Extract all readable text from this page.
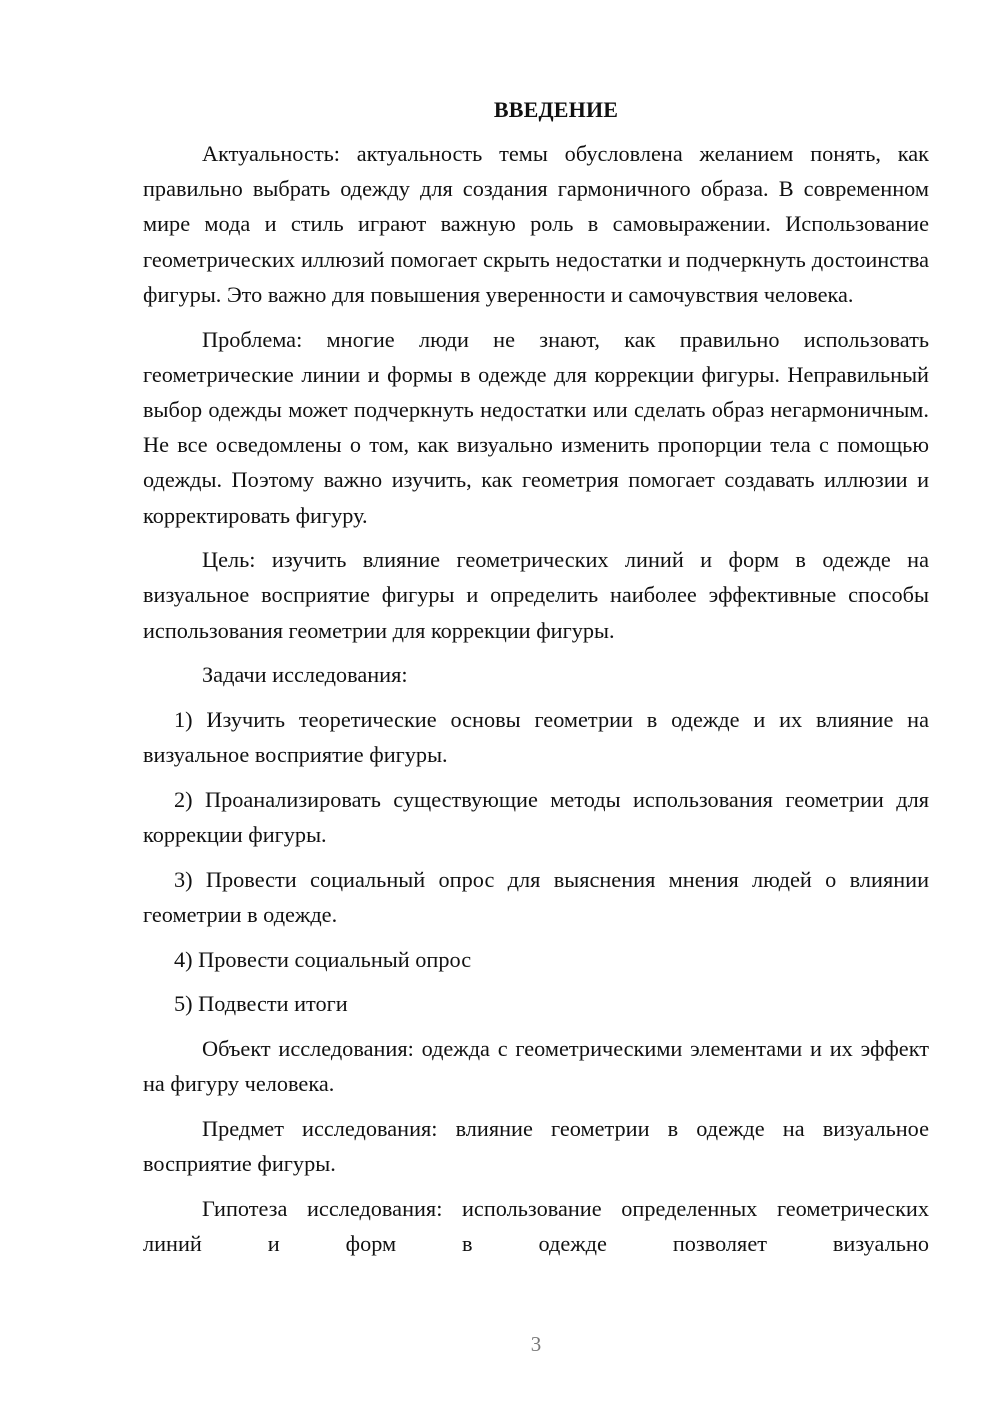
ВВЕДЕНИЕ

Актуальность: актуальность темы обусловлена желанием понять, как правильно выбрать одежду для создания гармоничного образа. В современном мире мода и стиль играют важную роль в самовыражении. Использование геометрических иллюзий помогает скрыть недостатки и подчеркнуть достоинства фигуры. Это важно для повышения уверенности и самочувствия человека.

Проблема: многие люди не знают, как правильно использовать геометрические линии и формы в одежде для коррекции фигуры. Неправильный выбор одежды может подчеркнуть недостатки или сделать образ негармоничным. Не все осведомлены о том, как визуально изменить пропорции тела с помощью одежды. Поэтому важно изучить, как геометрия помогает создавать иллюзии и корректировать фигуру.

Цель: изучить влияние геометрических линий и форм в одежде на визуальное восприятие фигуры и определить наиболее эффективные способы использования геометрии для коррекции фигуры.

Задачи исследования:

1) Изучить теоретические основы геометрии в одежде и их влияние на визуальное восприятие фигуры.

2) Проанализировать существующие методы использования геометрии для коррекции фигуры.

3) Провести социальный опрос для выяснения мнения людей о влиянии геометрии в одежде.

4) Провести социальный опрос

5) Подвести итоги

Объект исследования: одежда с геометрическими элементами и их эффект на фигуру человека.

Предмет исследования: влияние геометрии в одежде на визуальное восприятие фигуры.

Гипотеза исследования: использование определенных геометрических линий и форм в одежде позволяет визуально

3
